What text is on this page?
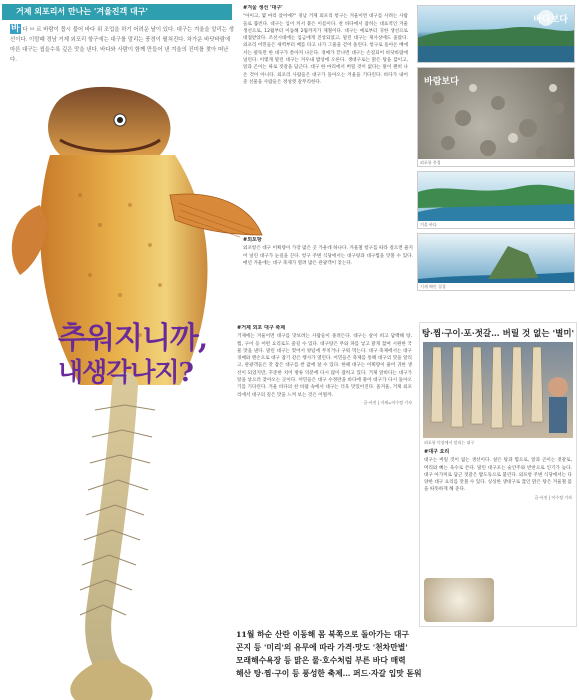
거제 외포리서 만나는 '겨울진객 대구'
바 다 ㅂ 르 바람이 몹시 불어 바다 위 조업을 하기 어려운 날이 있다. 대구는 겨울을 알리는 생선이다. 이맘때 경남 거제 외포리 항구에는 대구를 말리는 풍경이 펼쳐진다. 차가운 바닷바람에 마른 대구는 씹을수록 깊은 맛을 낸다. 바다와 사람이 함께 만들어 낸 겨울의 진미를 찾아 떠난다.
추워지니까,
내생각나지?
#겨울 생선 '대구'
"아이고, 몇 마리 샀어예?" 경남 거제 외포리 항구는 겨울이면 대구를 사려는 사람들로 붐빈다. 대구는 입이 커서 붙은 이름이다. 찬 바다에서 잡히는 대표적인 겨울 생선으로, 12월부터 이듬해 2월까지가 제철이다. 대구는 예로부터 귀한 생선으로 대접받았다. 조선시대에는 임금에게 진상되었고, 말린 대구는 제사상에도 올랐다. 외포리 어민들은 새벽부터 배를 타고 나가 그물을 걷어 올린다. 항구로 돌아온 배에서는 팔뚝만 한 대구가 쏟아져 나온다. 경매가 끝나면 대구는 손질되어 바닷바람에 널린다. 이렇게 말린 대구는 겨우내 밥상에 오른다. 생대구로는 맑은 탕을 끓이고, 알과 곤이는 따로 젓갈을 담근다. 대구 한 마리에서 버릴 것이 없다는 말이 괜히 나온 것이 아니다. 외포리 사람들은 대구가 돌아오는 겨울을 기다린다. 바다가 내어 준 선물을 사람들은 정성껏 갈무리한다.
바다보다
바람보다
외포항 풍경
겨울 바다
거제 해안 절경
#외포항
외포항은 대구 어획량이 가장 많은 곳 가운데 하나다. 겨울철 항구를 따라 걸으면 줄지어 널린 대구가 눈길을 끈다. 항구 주변 식당에서는 대구탕과 대구찜을 맛볼 수 있다. 매년 겨울에는 대구 축제가 열려 많은 관광객이 찾는다.
#거제 외포 대구 축제
거제에는 겨울이면 대구를 맛보려는 사람들이 몰려든다. 대구는 살이 희고 담백해 탕, 찜, 구이 등 어떤 요리로도 즐길 수 있다. 대구탕은 무와 파를 넣고 맑게 끓여 시원한 국물 맛을 낸다. 말린 대구는 찢어서 양념에 무치거나 구워 먹는다. 대구 축제에서는 대구 경매와 맨손으로 대구 잡기 같은 행사가 열린다. 어민들은 축제를 통해 대구의 맛을 알리고, 관광객들은 갓 잡은 대구를 싼 값에 살 수 있다. 한때 대구는 어획량이 줄어 귀한 생선이 되었지만, 꾸준한 치어 방류 덕분에 다시 많이 잡히고 있다. 거제 앞바다는 대구가 알을 낳으러 찾아오는 곳이다. 어민들은 대구 수정란을 바다에 풀어 대구가 다시 돌아오기를 기다린다. 겨울 바다의 찬 바람 속에서 대구는 더욱 맛있어진다. 올겨울, 거제 외포리에서 대구의 깊은 맛을 느껴 보는 것은 어떨까.
글·사진 | 거제=이수정 기자
탕·찜·구이·포·젓갈… 버릴 것 없는 '별미'
외포항 덕장에서 말리는 대구
#대구 요리
대구는 버릴 것이 없는 생선이다. 살은 탕과 찜으로, 알과 곤이는 젓갈로, 머리와 뼈는 육수로 쓴다. 말린 대구포는 술안주와 반찬으로 인기가 높다. 대구 아가미로 담근 젓갈은 밥도둑으로 불린다. 외포항 주변 식당에서는 다양한 대구 요리를 맛볼 수 있다. 싱싱한 생대구로 끓인 맑은 탕은 겨울철 몸을 따뜻하게 해 준다.
글·사진 | 이수정 기자
11월 하순 산란 이동해 몸 북쪽으로 돌아가는 대구
곤지 등 '미리'의 유무에 따라 가격·맛도 '천차만별'
모래해수욕장 등 맑은 물·호수처럼 부른 바다 매력
해산 탕·찜·구이 등 풍성한 축제… 퍼드·자갈 입맛 돋워
